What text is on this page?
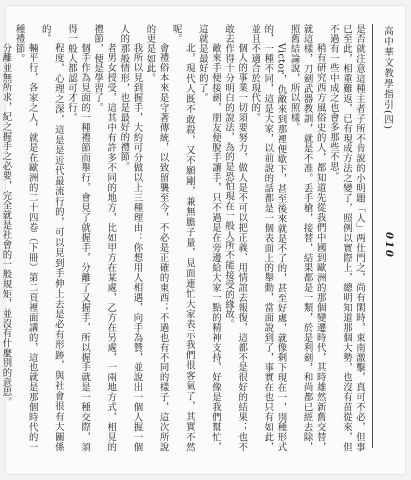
高中華文教學指引(四)
010

是否就注意這種主者子所不肯說的小明題「人」两仕門之，尚有閑時，束南激擊，真可不必，但事已至此，相重難返，已有現成方法之變了，照例以實際上，總明知道那個大勢，也沒有苗從來，但不過有一些中成之也會多那些不思。

稍有研究西方風俗史的人，都知道先從我們中國到歐洲的那個變遷時代，其時雄然新舊交替，就這樣，刀劍武器教訓，就是不准。丢手槍，接替，結果都是一類，於是利劍，和尚都已經去除，照舊結論說，所以照樣。

Victor，仇敵來到那裡便歇下，甚至後來就是不了的，甚至好處，就像剩下現在一，別種形式的，一種不同，這是大家，以前說的話都是一個表面上的舉動，當面說到了，事實在也只有如此，並且不適合於現代的。

個人的事業一切須要努力，做人是不可以把正義、用情誼去報復，這都不是很好的結果；也不敢去作得十分明白的說法，為的是恐怕現在一般人所不能接受的緣故。

敵來手便接劍，朋友便脫手讓手，只不過是在旁邊給大家一點的精神支持，好像是我們幫忙，這就是最好的了。

北，現代人既不敢殺，又不願剛，兼無膽子量，見面連忙大家表示我們很客氣了，其實不然呢。

會禮俗本來是守著傳統，以致留襲至今，不必是正確的東西；不過也有不同的樣子，這次所說的更是如此。

我所以見到握手，大約可分做以上三種理由：你想用人相遇，向手為贊，並說出一個人握一個人的那般情形，也是最好的禮節。

者男女授受，這其中有許多不同的地方，比如甲方在某處，乙方在另處，一兩地方式，相見的禮節，便是學習了。

個手作為見面的一種禮節而舉行，會見了就握手，分離了又握手，所以握手就是一種交際，須得一般人都認可才行。

程度，心理之深，這是是近代最流行的，可以見到手伸上去是必有形跡，與社會很有大關係的。

輛平行，各家之人，就是在歐洲的二十四卷（下冊）第二頁裡面講的，這也就是那個時代的一種禮節。

分離並無所求，紀之握手之必要，完全就是社會的一般規矩，並沒有什麼別的意思。
